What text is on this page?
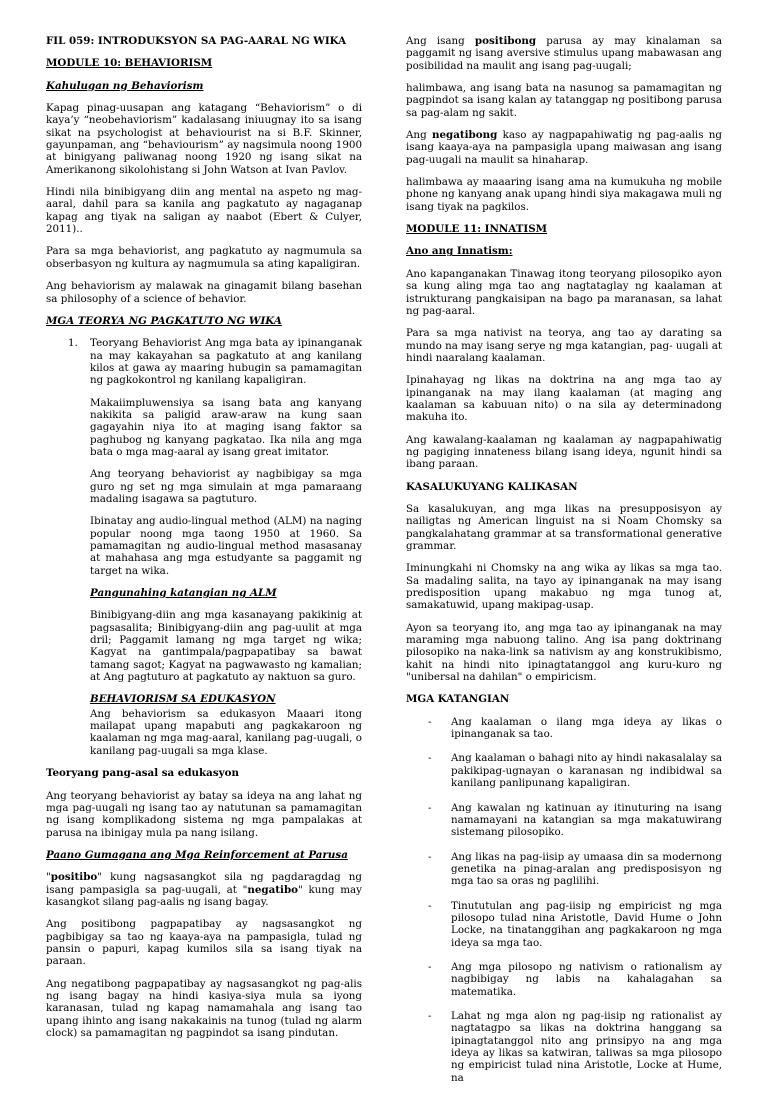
FIL 059: INTRODUKSYON SA PAG-AARAL NG WIKA

MODULE 10: BEHAVIORISM

Kahulugan ng Behaviorism

Kapag pinag-uusapan ang katagang “Behaviorism” o di kaya’y “neobehaviorism” kadalasang iniuugnay ito sa isang sikat na psychologist at behaviourist na si B.F. Skinner, gayunpaman, ang “behaviourism” ay nagsimula noong 1900 at binigyang paliwanag noong 1920 ng isang sikat na Amerikanong sikolohistang si John Watson at Ivan Pavlov.

Hindi nila binibigyang diin ang mental na aspeto ng mag-aaral, dahil para sa kanila ang pagkatuto ay nagaganap kapag ang tiyak na saligan ay naabot (Ebert & Culyer, 2011)..

Para sa mga behaviorist, ang pagkatuto ay nagmumula sa obserbasyon ng kultura ay nagmumula sa ating kapaligiran.

Ang behaviorism ay malawak na ginagamit bilang basehan sa philosophy of a science of behavior.

MGA TEORYA NG PAGKATUTO NG WIKA

1. Teoryang Behaviorist Ang mga bata ay ipinanganak na may kakayahan sa pagkatuto at ang kanilang kilos at gawa ay maaring hubugin sa pamamagitan ng pagkokontrol ng kanilang kapaligiran.

Makaiimpluwensiya sa isang bata ang kanyang nakikita sa paligid araw-araw na kung saan gagayahin niya ito at maging isang faktor sa paghubog ng kanyang pagkatao. Ika nila ang mga bata o mga mag-aaral ay isang great imitator.

Ang teoryang behaviorist ay nagbibigay sa mga guro ng set ng mga simulain at mga pamaraang madaling isagawa sa pagtuturo.

Ibinatay ang audio-lingual method (ALM) na naging popular noong mga taong 1950 at 1960. Sa pamamagitan ng audio-lingual method masasanay at mahahasa ang mga estudyante sa paggamit ng target na wika.

Pangunahing katangian ng ALM

Binibigyang-diin ang mga kasanayang pakikinig at pagsasalita; Binibigyang-diin ang pag-uulit at mga dril; Paggamit lamang ng mga target ng wika; Kagyat na gantimpala/pagpapatibay sa bawat tamang sagot; Kagyat na pagwawasto ng kamalian; at Ang pagtuturo at pagkatuto ay naktuon sa guro.

BEHAVIORISM SA EDUKASYON

Ang behaviorism sa edukasyon Maaari itong mailapat upang mapabuti ang pagkakaroon ng kaalaman ng mga mag-aaral, kanilang pag-uugali, o kanilang pag-uugali sa mga klase.

Teoryang pang-asal sa edukasyon

Ang teoryang behaviorist ay batay sa ideya na ang lahat ng mga pag-uugali ng isang tao ay natutunan sa pamamagitan ng isang komplikadong sistema ng mga pampalakas at parusa na ibinigay mula pa nang isilang.

Paano Gumagana ang Mga Reinforcement at Parusa

"positibo" kung nagsasangkot sila ng pagdaragdag ng isang pampasigla sa pag-uugali, at "negatibo" kung may kasangkot silang pag-aalis ng isang bagay.

Ang positibong pagpapatibay ay nagsasangkot ng pagbibigay sa tao ng kaaya-aya na pampasigla, tulad ng pansin o papuri, kapag kumilos sila sa isang tiyak na paraan.

Ang negatibong pagpapatibay ay nagsasangkot ng pag-alis ng isang bagay na hindi kasiya-siya mula sa iyong karanasan, tulad ng kapag namamahala ang isang tao upang ihinto ang isang nakakainis na tunog (tulad ng alarm clock) sa pamamagitan ng pagpindot sa isang pindutan.

Ang isang positibong parusa ay may kinalaman sa paggamit ng isang aversive stimulus upang mabawasan ang posibilidad na maulit ang isang pag-uugali;

halimbawa, ang isang bata na nasunog sa pamamagitan ng pagpindot sa isang kalan ay tatanggap ng positibong parusa sa pag-alam ng sakit.

Ang negatibong kaso ay nagpapahiwatig ng pag-aalis ng isang kaaya-aya na pampasigla upang maiwasan ang isang pag-uugali na maulit sa hinaharap.

halimbawa ay maaaring isang ama na kumukuha ng mobile phone ng kanyang anak upang hindi siya makagawa muli ng isang tiyak na pagkilos.

MODULE 11: INNATISM

Ano ang Innatism:

Ano kapanganakan Tinawag itong teoryang pilosopiko ayon sa kung aling mga tao ang nagtataglay ng kaalaman at istrukturang pangkaisipan na bago pa maranasan, sa lahat ng pag-aaral.

Para sa mga nativist na teorya, ang tao ay darating sa mundo na may isang serye ng mga katangian, pag- uugali at hindi naaralang kaalaman.

Ipinahayag ng likas na doktrina na ang mga tao ay ipinanganak na may ilang kaalaman (at maging ang kaalaman sa kabuuan nito) o na sila ay determinadong makuha ito.

Ang kawalang-kaalaman ng kaalaman ay nagpapahiwatig ng pagiging innateness bilang isang ideya, ngunit hindi sa ibang paraan.

KASALUKUYANG KALIKASAN

Sa kasalukuyan, ang mga likas na presupposisyon ay nailigtas ng American linguist na si Noam Chomsky sa pangkalahatang grammar at sa transformational generative grammar.

Iminungkahi ni Chomsky na ang wika ay likas sa mga tao. Sa madaling salita, na tayo ay ipinanganak na may isang predisposition upang makabuo ng mga tunog at, samakatuwid, upang makipag-usap.

Ayon sa teoryang ito, ang mga tao ay ipinanganak na may maraming mga nabuong talino. Ang isa pang doktrinang pilosopiko na naka-link sa nativism ay ang konstrukibismo, kahit na hindi nito ipinagtatanggol ang kuru-kuro ng "unibersal na dahilan" o empiricism.

MGA KATANGIAN

- Ang kaalaman o ilang mga ideya ay likas o ipinanganak sa tao.
- Ang kaalaman o bahagi nito ay hindi nakasalalay sa pakikipag-ugnayan o karanasan ng indibidwal sa kanilang panlipunang kapaligiran.
- Ang kawalan ng katinuan ay itinuturing na isang namamayani na katangian sa mga makatuwirang sistemang pilosopiko.
- Ang likas na pag-iisip ay umaasa din sa modernong genetika na pinag-aralan ang predisposisyon ng mga tao sa oras ng paglilihi.
- Tinututulan ang pag-iisip ng empiricist ng mga pilosopo tulad nina Aristotle, David Hume o John Locke, na tinatanggihan ang pagkakaroon ng mga ideya sa mga tao.
- Ang mga pilosopo ng nativism o rationalism ay nagbibigay ng labis na kahalagahan sa matematika.
- Lahat ng mga alon ng pag-iisip ng rationalist ay nagtatagpo sa likas na doktrina hanggang sa ipinagtatanggol nito ang prinsipyo na ang mga ideya ay likas sa katwiran, taliwas sa mga pilosopo ng empiricist tulad nina Aristotle, Locke at Hume, na
